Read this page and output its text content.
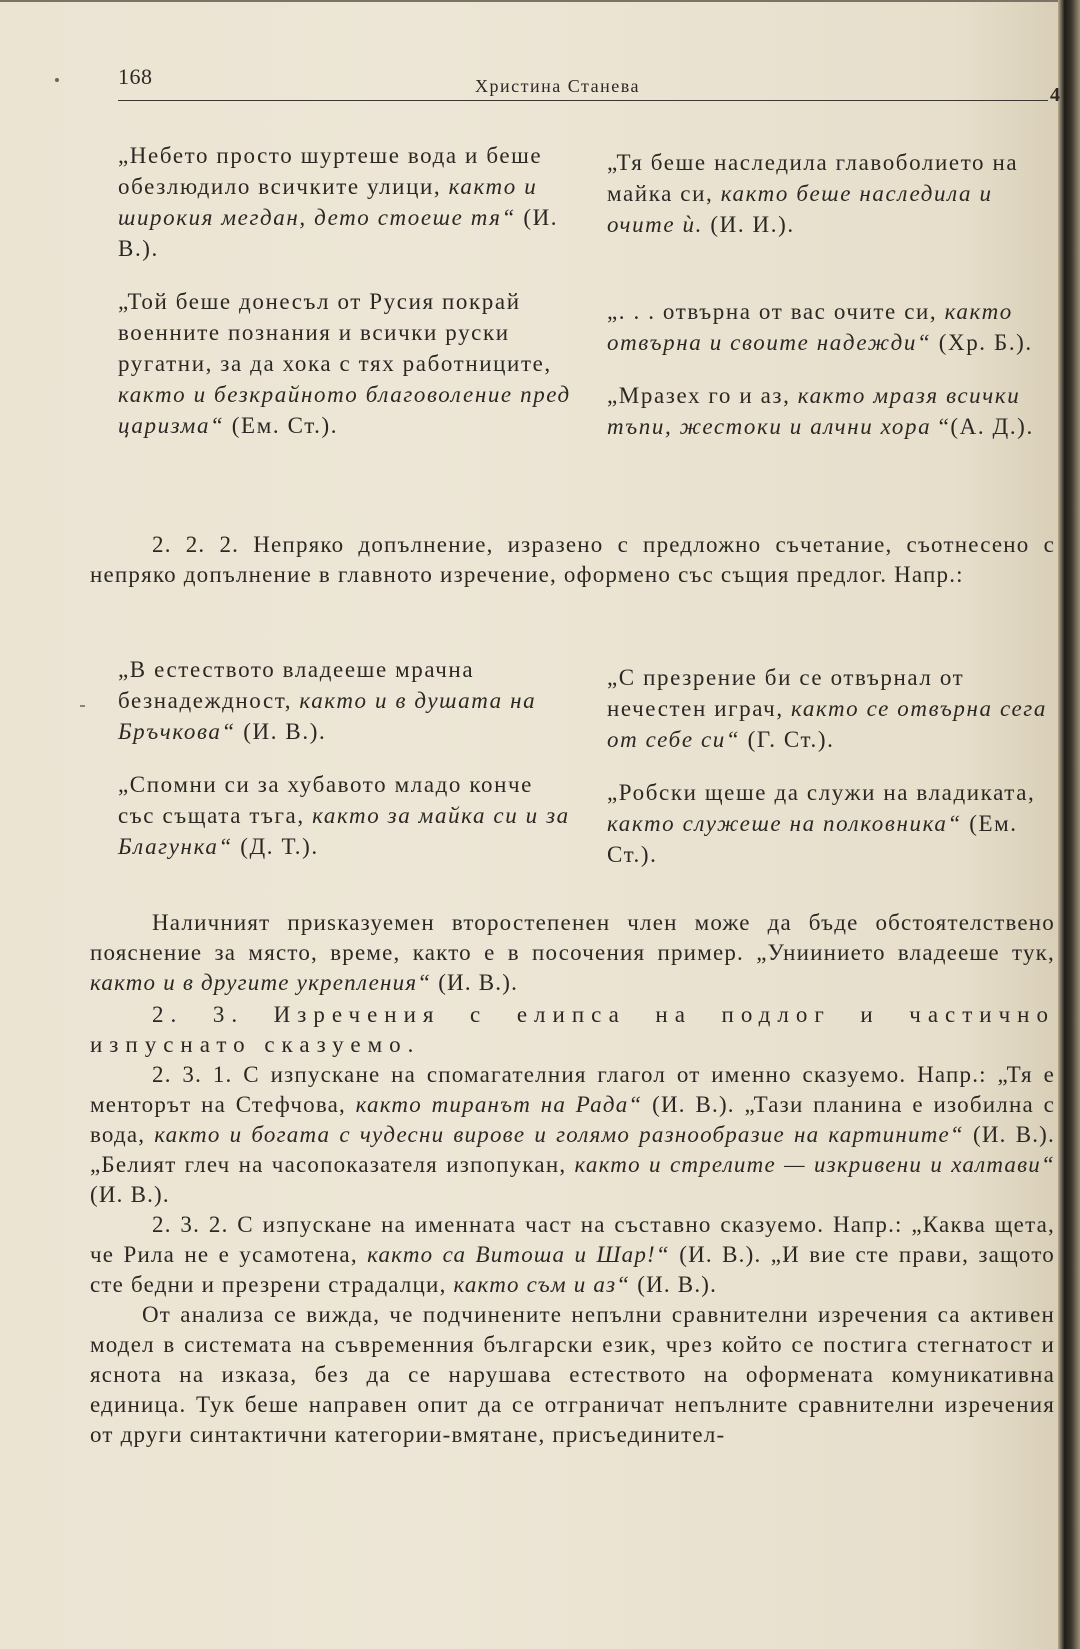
168	Христина Станева

„Небето просто шуртеше вода и беше обезлюдило всичките улици, както и широкия мегдан, дето стоеше тя“ (И. В.).

„Той беше донесъл от Русия покрай военните познания и всички руски ругатни, за да хока с тях работниците, както и безкрайното благоволение пред царизма“ (Ем. Ст.).

„Тя беше наследила главоболието на майка си, както беше наследила и очите ѝ. (И. И.).

„. . . отвърна от вас очите си, както отвърна и своите надежди“ (Хр. Б.).

„Мразех го и аз, както мразя всички тъпи, жестоки и алчни хора “(А. Д.).

2. 2. 2. Непряко допълнение, изразено с предложно съчетание, съотнесено с непряко допълнение в главното изречение, оформено със същия предлог. Напр.:

„В естеството владееше мрачна безнадеждност, както и в душата на Бръчкова“ (И. В.).

„Спомни си за хубавото младо конче със същата тъга, както за майка си и за Благунка“ (Д. Т.).

„С презрение би се отвърнал от нечестен играч, както се отвърна сега от себе си“ (Г. Ст.).

„Робски щеше да служи на владиката, както служеше на полковника“ (Ем. Ст.).

Наличният приsказуемен второстепенен член може да бъде обстоятелствено пояснение за място, време, както е в посочения пример. „Униинието владееше тук, както и в другите укрепления“ (И. В.).

2. 3. Изречения с елипса на подлог и частично изпуснато сказуемо.

2. 3. 1. С изпускане на спомагателния глагол от именно сказуемо. Напр.: „Тя е менторът на Стефчова, както тиранът на Рада“ (И. В.). „Тази планина е изобилна с вода, както и богата с чудесни вирове и голямо разнообразие на картините“ (И. В.). „Белият глеч на часопоказателя изпопукан, както и стрелите — изкривени и халтави“ (И. В.).

2. 3. 2. С изпускане на именната част на съставно сказуемо. Напр.: „Каква щета, че Рила не е усамотена, както са Витоша и Шар!“ (И. В.). „И вие сте прави, защото сте бедни и презрени страдалци, както съм и аз“ (И. В.).

От анализа се вижда, че подчинените непълни сравнителни изречения са активен модел в системата на съвременния български език, чрез който се постига стегнатост и яснота на изказа, без да се нарушава естеството на оформената комуникативна единица. Тук беше направен опит да се отграничат непълните сравнителни изречения от други синтактични категории-вмятане, присъединител-

4
